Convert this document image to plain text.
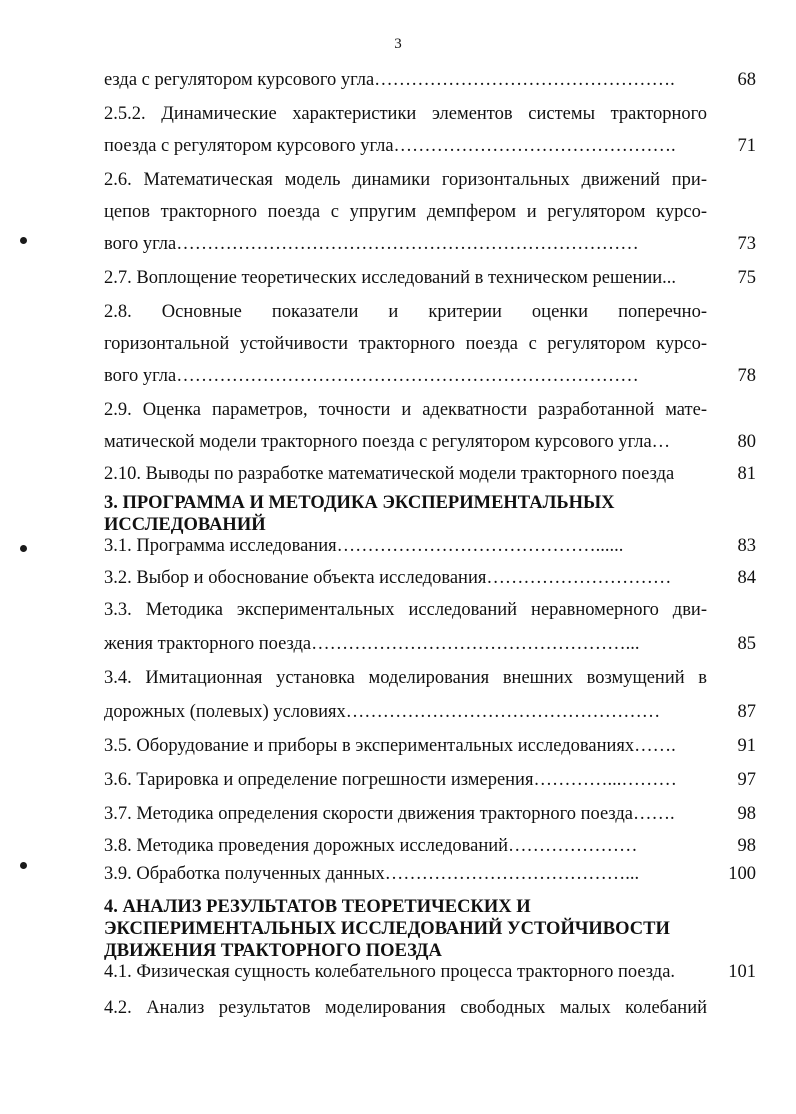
3
езда с регулятором курсового угла………………………………………….	68
2.5.2. Динамические характеристики элементов системы тракторного
поезда с регулятором курсового угла……………………………………….	71
2.6. Математическая модель динамики горизонтальных движений при-
цепов тракторного поезда с упругим демпфером и регулятором курсо-
вого угла…………………………………………………………………	73
2.7. Воплощение теоретических исследований в техническом решении...	75
2.8. Основные показатели и критерии оценки поперечно-
горизонтальной устойчивости тракторного поезда с регулятором курсо-
вого угла…………………………………………………………………	78
2.9. Оценка параметров, точности и адекватности разработанной мате-
матической модели тракторного поезда с регулятором курсового угла…	80
2.10. Выводы по разработке математической модели тракторного поезда	81
3. ПРОГРАММА И МЕТОДИКА ЭКСПЕРИМЕНТАЛЬНЫХ
ИССЛЕДОВАНИЙ
3.1. Программа исследования……………………………………......	83
3.2. Выбор и обоснование объекта исследования…………………………	84
3.3. Методика экспериментальных исследований неравномерного дви-
жения тракторного поезда……………………………………………...	85
3.4. Имитационная установка моделирования внешних возмущений в
дорожных (полевых) условиях……………………………………………	87
3.5. Оборудование и приборы в экспериментальных исследованиях…….	91
3.6. Тарировка и определение погрешности измерения…………...………	97
3.7. Методика определения скорости движения тракторного поезда…….	98
3.8. Методика проведения дорожных исследований…………………	98
3.9. Обработка полученных данных…………………………………...	100
4. АНАЛИЗ РЕЗУЛЬТАТОВ ТЕОРЕТИЧЕСКИХ И
ЭКСПЕРИМЕНТАЛЬНЫХ ИССЛЕДОВАНИЙ УСТОЙЧИВОСТИ
ДВИЖЕНИЯ ТРАКТОРНОГО ПОЕЗДА
4.1. Физическая сущность колебательного процесса тракторного поезда.	101
4.2. Анализ результатов моделирования свободных малых колебаний
